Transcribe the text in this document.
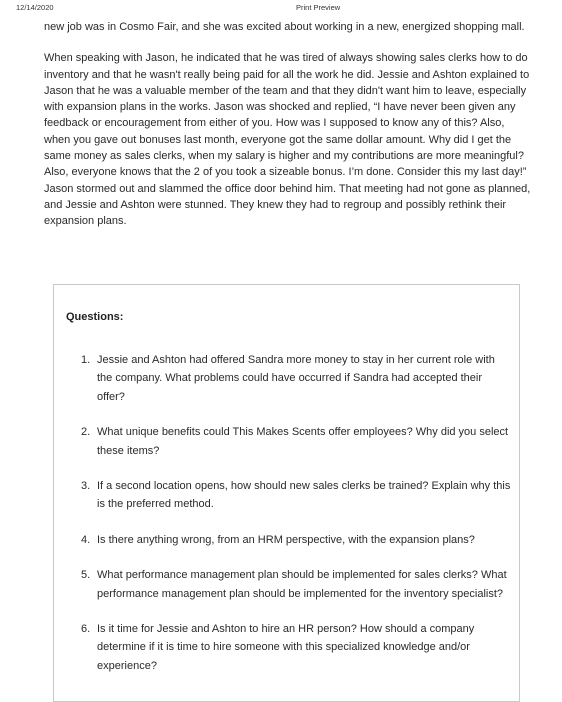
12/14/2020	Print Preview

new job was in Cosmo Fair, and she was excited about working in a new, energized shopping mall.

When speaking with Jason, he indicated that he was tired of always showing sales clerks how to do inventory and that he wasn't really being paid for all the work he did. Jessie and Ashton explained to Jason that he was a valuable member of the team and that they didn't want him to leave, especially with expansion plans in the works. Jason was shocked and replied, “I have never been given any feedback or encouragement from either of you. How was I supposed to know any of this? Also, when you gave out bonuses last month, everyone got the same dollar amount. Why did I get the same money as sales clerks, when my salary is higher and my contributions are more meaningful? Also, everyone knows that the 2 of you took a sizeable bonus. I’m done. Consider this my last day!” Jason stormed out and slammed the office door behind him. That meeting had not gone as planned, and Jessie and Ashton were stunned. They knew they had to regroup and possibly rethink their expansion plans.

Questions:
1. Jessie and Ashton had offered Sandra more money to stay in her current role with the company. What problems could have occurred if Sandra had accepted their offer?
2. What unique benefits could This Makes Scents offer employees? Why did you select these items?
3. If a second location opens, how should new sales clerks be trained? Explain why this is the preferred method.
4. Is there anything wrong, from an HRM perspective, with the expansion plans?
5. What performance management plan should be implemented for sales clerks? What performance management plan should be implemented for the inventory specialist?
6. Is it time for Jessie and Ashton to hire an HR person? How should a company determine if it is time to hire someone with this specialized knowledge and/or experience?
